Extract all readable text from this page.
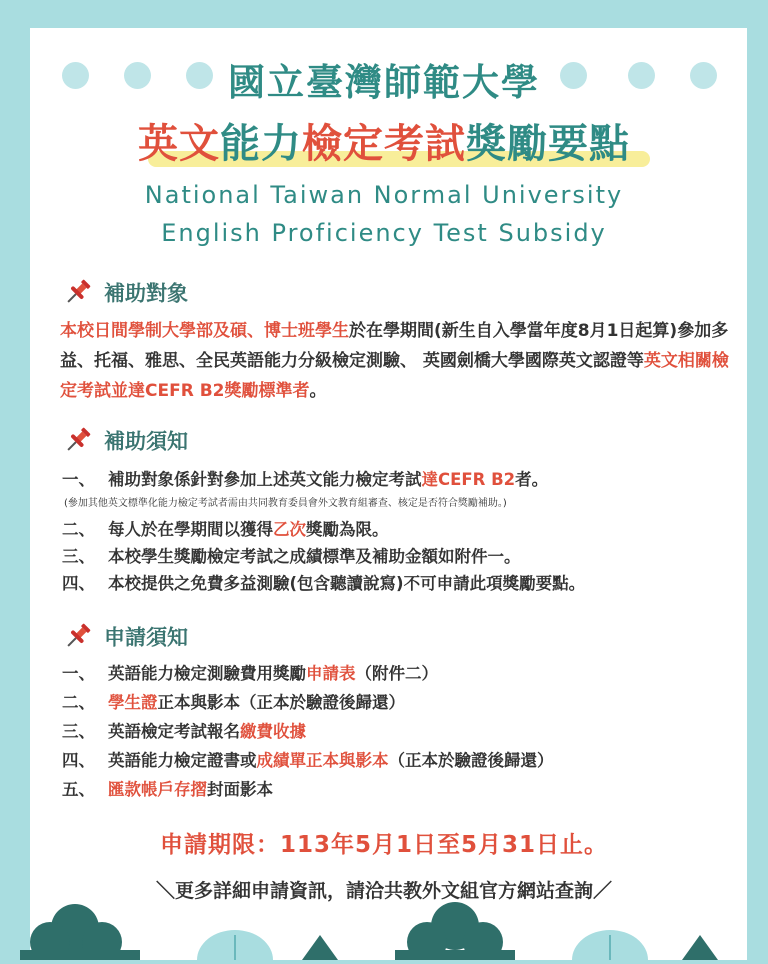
國立臺灣師範大學
英文能力檢定考試獎勵要點
National Taiwan Normal University
English Proficiency Test Subsidy
補助對象
本校日間學制大學部及碩、博士班學生於在學期間(新生自入學當年度8月1日起算)參加多益、托福、雅思、全民英語能力分級檢定測驗、 英國劍橋大學國際英文認證等英文相關檢定考試並達CEFR B2獎勵標準者。
補助須知
一、 補助對象係針對參加上述英文能力檢定考試達CEFR B2者。
(參加其他英文標準化能力檢定考試者需由共同教育委員會外文教育組審查、核定是否符合獎勵補助。)
二、 每人於在學期間以獲得乙次獎勵為限。
三、 本校學生獎勵檢定考試之成績標準及補助金額如附件一。
四、 本校提供之免費多益測驗(包含聽讀說寫)不可申請此項獎勵要點。
申請須知
一、 英語能力檢定測驗費用獎勵申請表（附件二）
二、 學生證正本與影本（正本於驗證後歸還）
三、 英語檢定考試報名繳費收據
四、 英語能力檢定證書或成績單正本與影本（正本於驗證後歸還）
五、 匯款帳戶存摺封面影本
申請期限：113年5月1日至5月31日止。
＼更多詳細申請資訊，請洽共教外文組官方網站查詢／
